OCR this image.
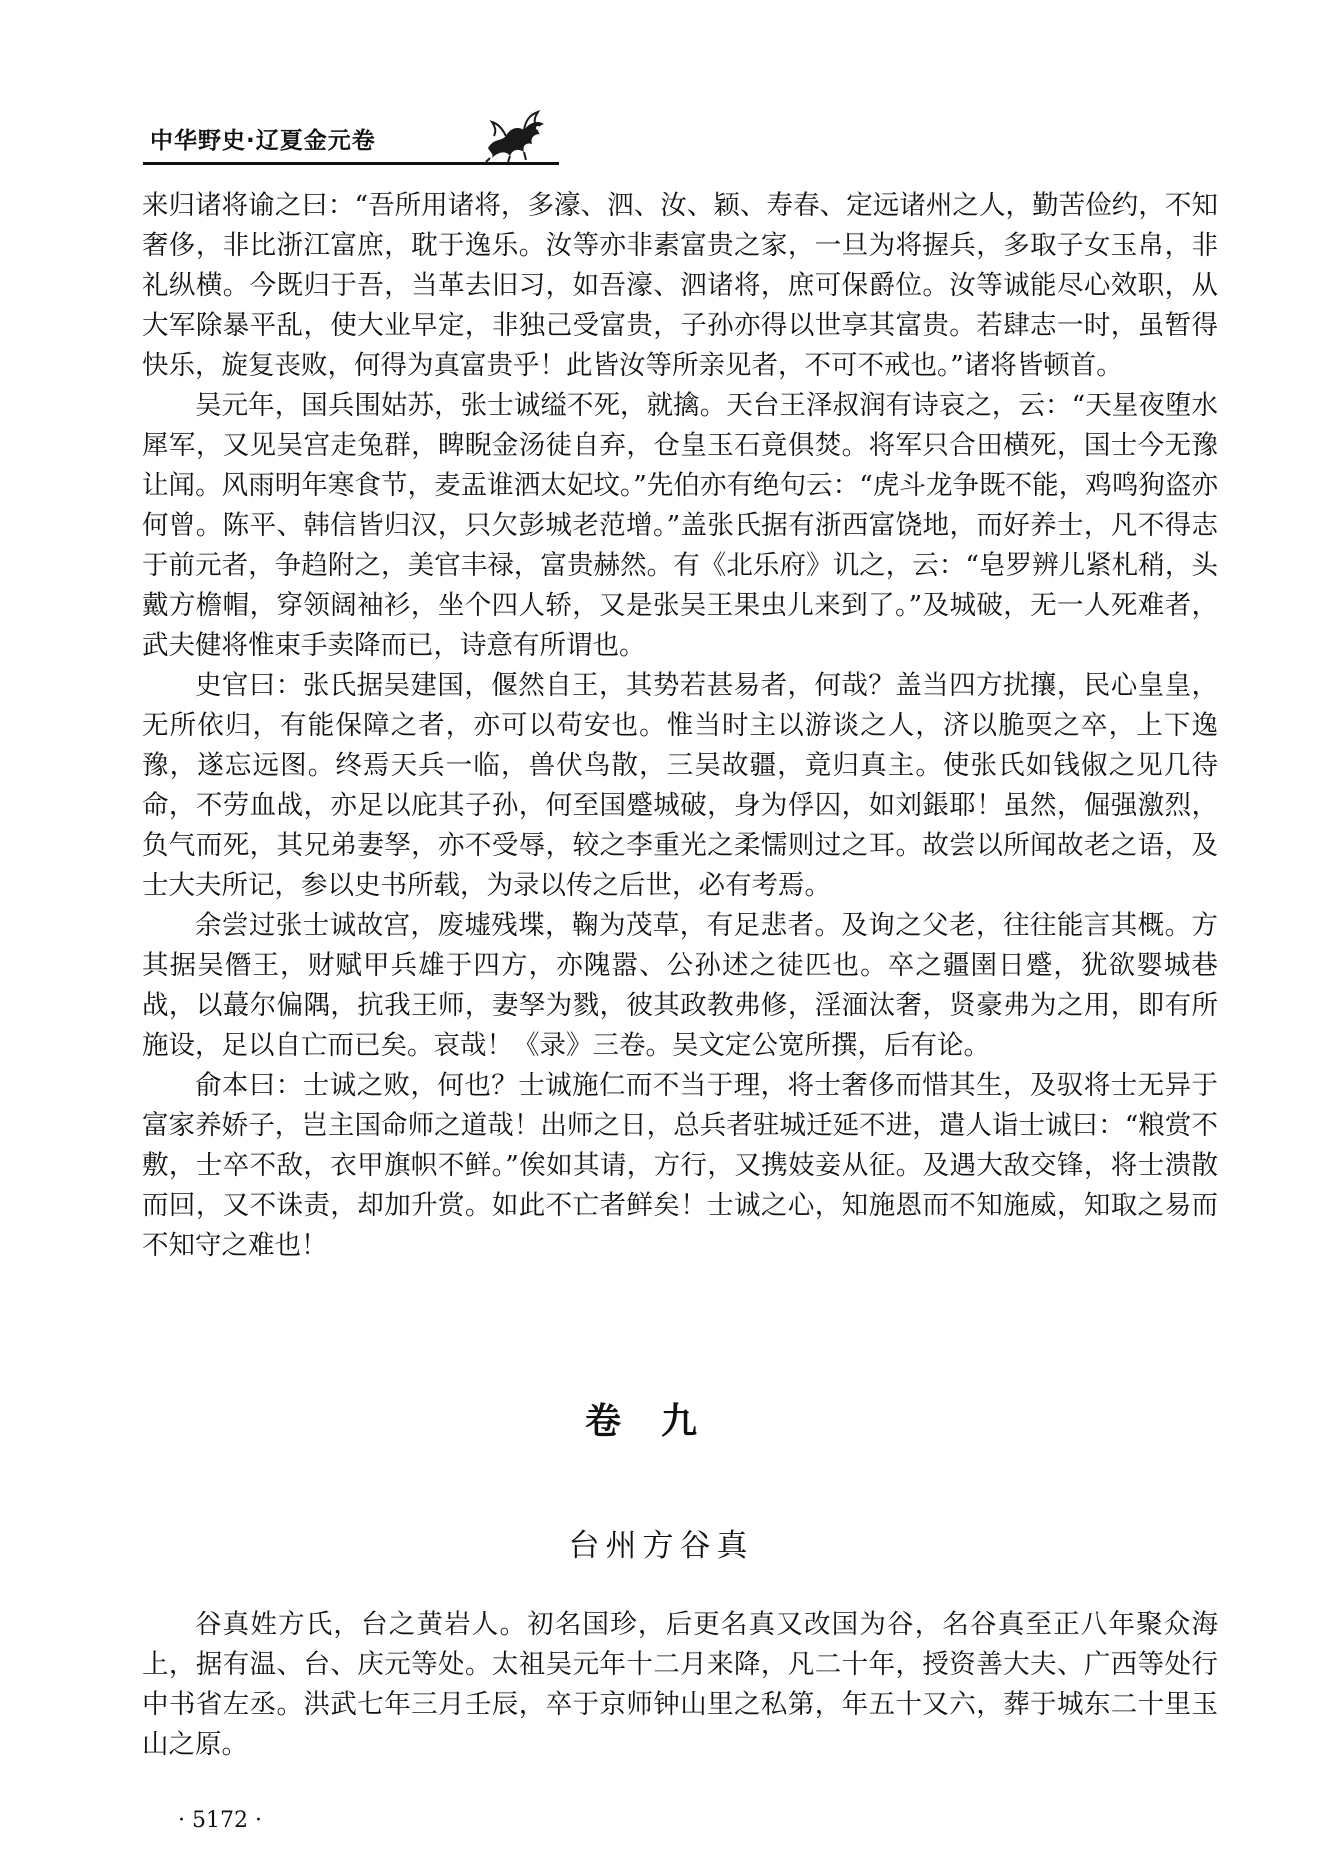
中华野史·辽夏金元卷

来归诸将谕之曰：“吾所用诸将，多濠、泗、汝、颖、寿春、定远诸州之人，勤苦俭约，不知奢侈，非比浙江富庶，耽于逸乐。汝等亦非素富贵之家，一旦为将握兵，多取子女玉帛，非礼纵横。今既归于吾，当革去旧习，如吾濠、泗诸将，庶可保爵位。汝等诚能尽心效职，从大军除暴平乱，使大业早定，非独己受富贵，子孙亦得以世享其富贵。若肆志一时，虽暂得快乐，旋复丧败，何得为真富贵乎！此皆汝等所亲见者，不可不戒也。”诸将皆顿首。

吴元年，国兵围姑苏，张士诚缢不死，就擒。天台王泽叔润有诗哀之，云：“天星夜堕水犀军，又见吴宫走兔群，睥睨金汤徒自弃，仓皇玉石竟俱焚。将军只合田横死，国士今无豫让闻。风雨明年寒食节，麦盂谁洒太妃坟。”先伯亦有绝句云：“虎斗龙争既不能，鸡鸣狗盗亦何曾。陈平、韩信皆归汉，只欠彭城老范增。”盖张氏据有浙西富饶地，而好养士，凡不得志于前元者，争趋附之，美官丰禄，富贵赫然。有《北乐府》讥之，云：“皂罗辨儿紧札稍，头戴方檐帽，穿领阔袖衫，坐个四人轿，又是张吴王果虫儿来到了。”及城破，无一人死难者，武夫健将惟束手卖降而已，诗意有所谓也。

史官曰：张氏据吴建国，偃然自王，其势若甚易者，何哉？盖当四方扰攘，民心皇皇，无所依归，有能保障之者，亦可以苟安也。惟当时主以游谈之人，济以脆耎之卒，上下逸豫，遂忘远图。终焉天兵一临，兽伏鸟散，三吴故疆，竟归真主。使张氏如钱俶之见几待命，不劳血战，亦足以庇其子孙，何至国蹙城破，身为俘囚，如刘鋹耶！虽然，倔强激烈，负气而死，其兄弟妻孥，亦不受辱，较之李重光之柔懦则过之耳。故尝以所闻故老之语，及士大夫所记，参以史书所载，为录以传之后世，必有考焉。

余尝过张士诚故宫，废墟残堞，鞠为茂草，有足悲者。及询之父老，往往能言其概。方其据吴僭王，财赋甲兵雄于四方，亦隗嚣、公孙述之徒匹也。卒之疆圉日蹙，犹欲婴城巷战，以蕞尔偏隅，抗我王师，妻孥为戮，彼其政教弗修，淫湎汰奢，贤豪弗为之用，即有所施设，足以自亡而已矣。哀哉！《录》三卷。吴文定公宽所撰，后有论。

俞本曰：士诚之败，何也？士诚施仁而不当于理，将士奢侈而惜其生，及驭将士无异于富家养娇子，岂主国命师之道哉！出师之日，总兵者驻城迁延不进，遣人诣士诚曰：“粮赏不敷，士卒不敌，衣甲旗帜不鲜。”俟如其请，方行，又携妓妾从征。及遇大敌交锋，将士溃散而回，又不诛责，却加升赏。如此不亡者鲜矣！士诚之心，知施恩而不知施威，知取之易而不知守之难也！

卷九
台州方谷真

谷真姓方氏，台之黄岩人。初名国珍，后更名真又改国为谷，名谷真至正八年聚众海上，据有温、台、庆元等处。太祖吴元年十二月来降，凡二十年，授资善大夫、广西等处行中书省左丞。洪武七年三月壬辰，卒于京师钟山里之私第，年五十又六，葬于城东二十里玉山之原。

· 5172 ·
